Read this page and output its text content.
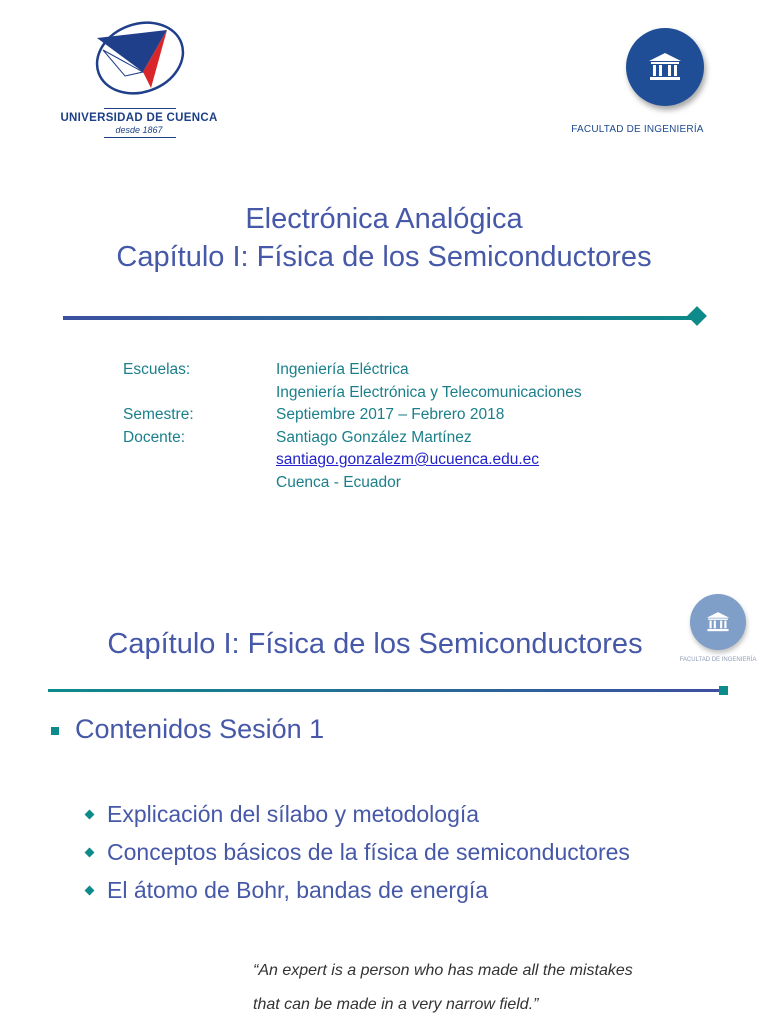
UNIVERSIDAD DE CUENCA
desde 1867	FACULTAD DE INGENIERÍA
Electrónica Analógica
Capítulo I: Física de los Semiconductores
Escuelas:	Ingeniería Eléctrica
Ingeniería Electrónica y Telecomunicaciones
Semestre:	Septiembre 2017 – Febrero 2018
Docente:	Santiago González Martínez
santiago.gonzalezm@ucuenca.edu.ec
Cuenca - Ecuador
FACULTAD DE INGENIERÍA
Capítulo I: Física de los Semiconductores
Contenidos Sesión 1
Explicación del sílabo y metodología
Conceptos básicos de la física de semiconductores
El átomo de Bohr, bandas de energía
“An expert is a person who has made all the mistakes
that can be made in a very narrow field.”
